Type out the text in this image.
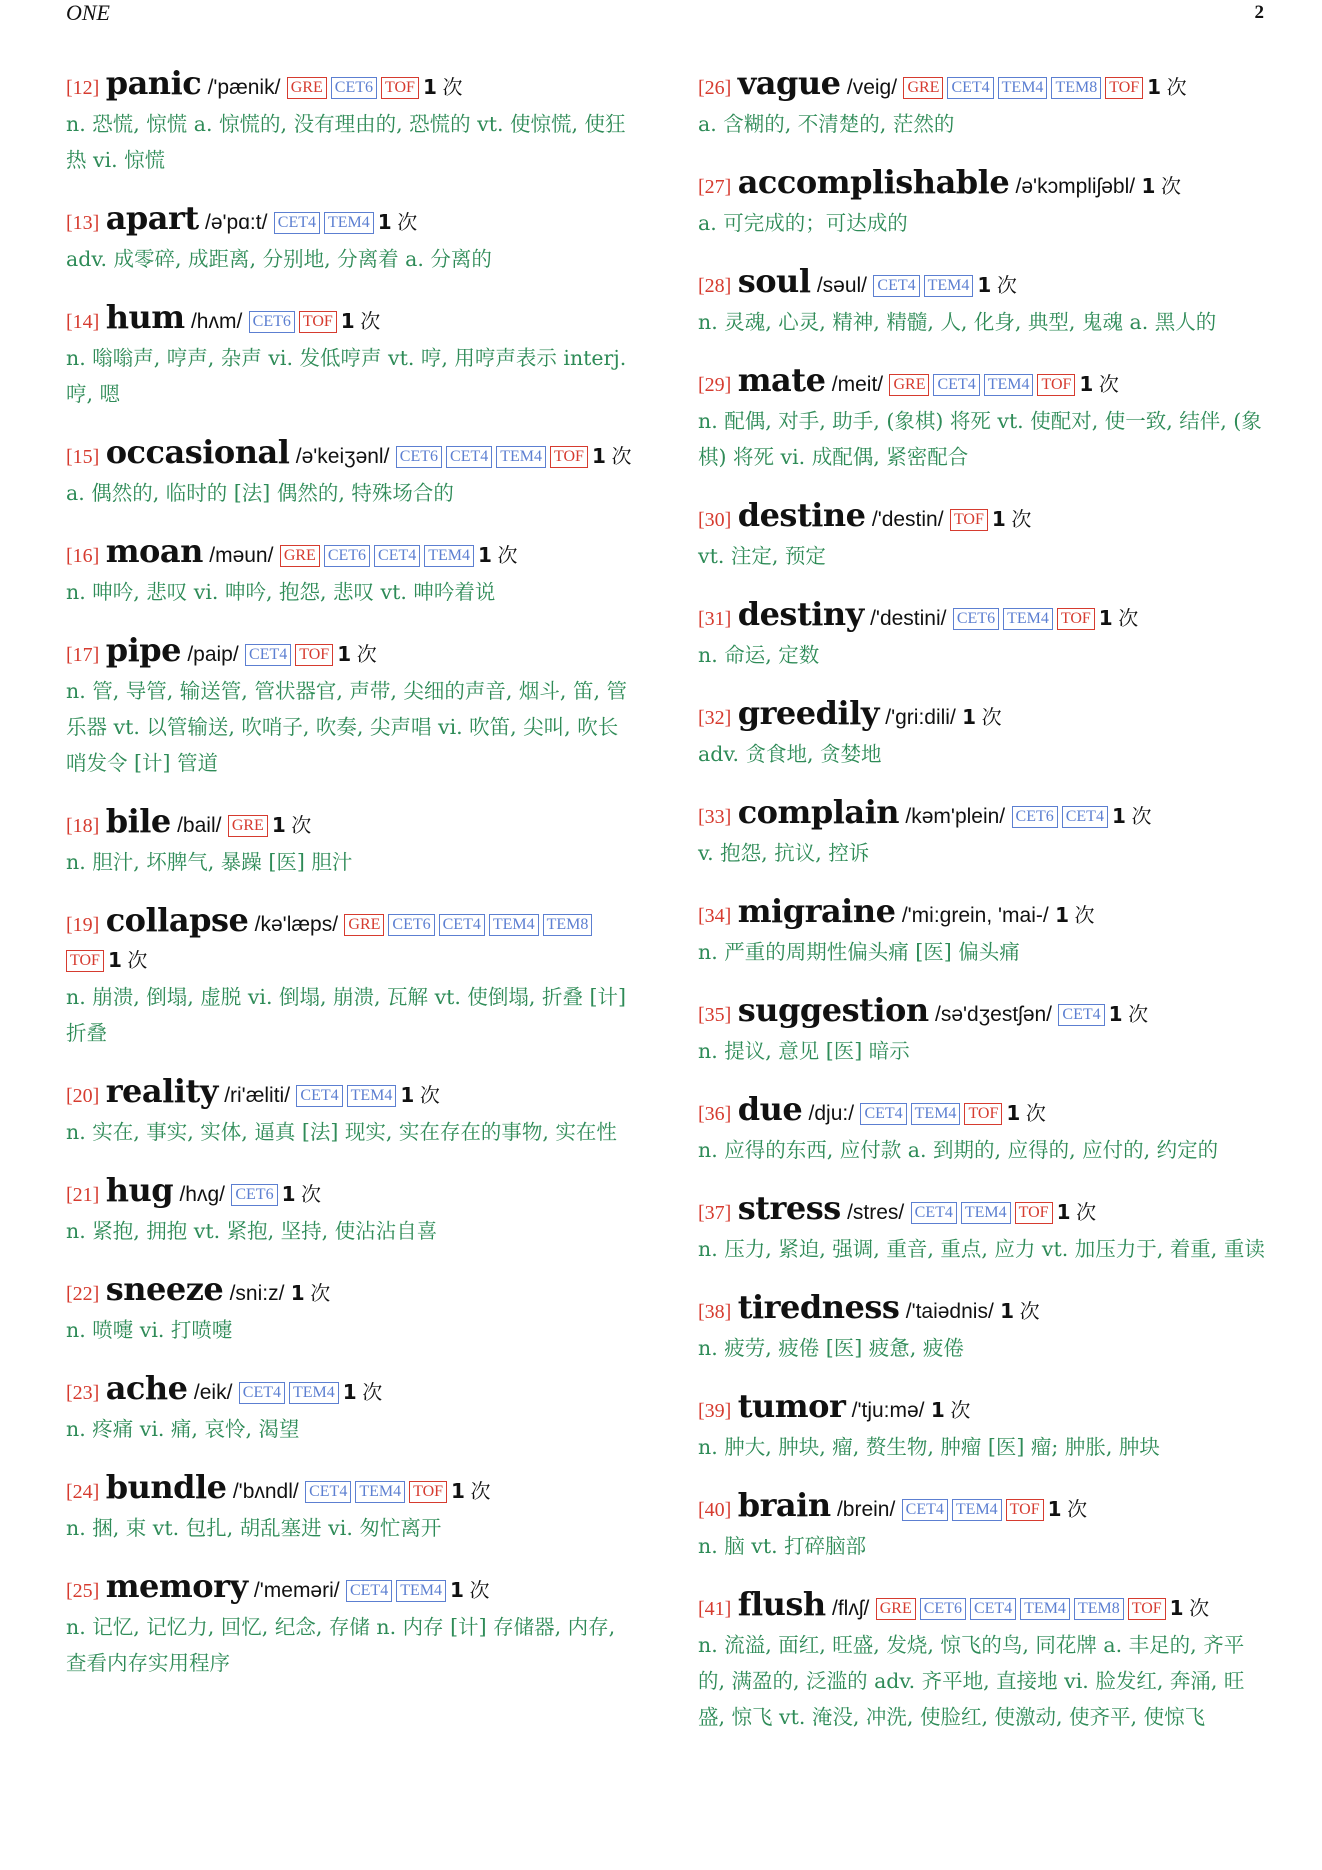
ONE	2
[12] panic /'pænik/ GRE CET6 TOF 1 次

n. 恐慌, 惊慌 a. 惊慌的, 没有理由的, 恐慌的 vt. 使惊慌, 使狂热 vi. 惊慌

[13] apart /ə'pɑ:t/ CET4 TEM4 1 次

adv. 成零碎, 成距离, 分别地, 分离着 a. 分离的

[14] hum /hʌm/ CET6 TOF 1 次

n. 嗡嗡声, 哼声, 杂声 vi. 发低哼声 vt. 哼, 用哼声表示 interj. 哼, 嗯

[15] occasional /ə'keiʒənl/ CET6 CET4 TEM4 TOF 1 次

a. 偶然的, 临时的 [法] 偶然的, 特殊场合的

[16] moan /məun/ GRE CET6 CET4 TEM4 1 次

n. 呻吟, 悲叹 vi. 呻吟, 抱怨, 悲叹 vt. 呻吟着说

[17] pipe /paip/ CET4 TOF 1 次

n. 管, 导管, 输送管, 管状器官, 声带, 尖细的声音, 烟斗, 笛, 管乐器 vt. 以管输送, 吹哨子, 吹奏, 尖声唱 vi. 吹笛, 尖叫, 吹长哨发令 [计] 管道

[18] bile /bail/ GRE 1 次

n. 胆汁, 坏脾气, 暴躁 [医] 胆汁

[19] collapse /kə'læps/ GRE CET6 CET4 TEM4 TEM8TOF 1 次

n. 崩溃, 倒塌, 虚脱 vi. 倒塌, 崩溃, 瓦解 vt. 使倒塌, 折叠 [计] 折叠

[20] reality /ri'æliti/ CET4 TEM4 1 次

n. 实在, 事实, 实体, 逼真 [法] 现实, 实在存在的事物, 实在性

[21] hug /hʌg/ CET6 1 次

n. 紧抱, 拥抱 vt. 紧抱, 坚持, 使沾沾自喜

[22] sneeze /sni:z/ 1 次

n. 喷嚏 vi. 打喷嚏

[23] ache /eik/ CET4 TEM4 1 次

n. 疼痛 vi. 痛, 哀怜, 渴望

[24] bundle /'bʌndl/ CET4 TEM4 TOF 1 次

n. 捆, 束 vt. 包扎, 胡乱塞进 vi. 匆忙离开

[25] memory /'meməri/ CET4 TEM4 1 次

n. 记忆, 记忆力, 回忆, 纪念, 存储 n. 内存 [计] 存储器, 内存, 查看内存实用程序

[26] vague /veig/ GRE CET4 TEM4 TEM8 TOF 1 次

a. 含糊的, 不清楚的, 茫然的

[27] accomplishable /ə'kɔmpliʃəbl/ 1 次

a. 可完成的；可达成的

[28] soul /səul/ CET4 TEM4 1 次

n. 灵魂, 心灵, 精神, 精髓, 人, 化身, 典型, 鬼魂 a. 黑人的

[29] mate /meit/ GRE CET4 TEM4 TOF 1 次

n. 配偶, 对手, 助手, (象棋) 将死 vt. 使配对, 使一致, 结伴, (象棋) 将死 vi. 成配偶, 紧密配合

[30] destine /'destin/ TOF 1 次

vt. 注定, 预定

[31] destiny /'destini/ CET6 TEM4 TOF 1 次

n. 命运, 定数

[32] greedily /'gri:dili/ 1 次

adv. 贪食地, 贪婪地

[33] complain /kəm'plein/ CET6 CET4 1 次

v. 抱怨, 抗议, 控诉

[34] migraine /'mi:grein, 'mai-/ 1 次

n. 严重的周期性偏头痛 [医] 偏头痛

[35] suggestion /sə'dʒestʃən/ CET4 1 次

n. 提议, 意见 [医] 暗示

[36] due /dju:/ CET4 TEM4 TOF 1 次

n. 应得的东西, 应付款 a. 到期的, 应得的, 应付的, 约定的

[37] stress /stres/ CET4 TEM4 TOF 1 次

n. 压力, 紧迫, 强调, 重音, 重点, 应力 vt. 加压力于, 着重, 重读

[38] tiredness /'taiədnis/ 1 次

n. 疲劳, 疲倦 [医] 疲惫, 疲倦

[39] tumor /'tju:mə/ 1 次

n. 肿大, 肿块, 瘤, 赘生物, 肿瘤 [医] 瘤; 肿胀, 肿块

[40] brain /brein/ CET4 TEM4 TOF 1 次

n. 脑 vt. 打碎脑部

[41] flush /flʌʃ/ GRE CET6 CET4 TEM4 TEM8 TOF 1 次

n. 流溢, 面红, 旺盛, 发烧, 惊飞的鸟, 同花牌 a. 丰足的, 齐平的, 满盈的, 泛滥的 adv. 齐平地, 直接地 vi. 脸发红, 奔涌, 旺盛, 惊飞 vt. 淹没, 冲洗, 使脸红, 使激动, 使齐平, 使惊飞
